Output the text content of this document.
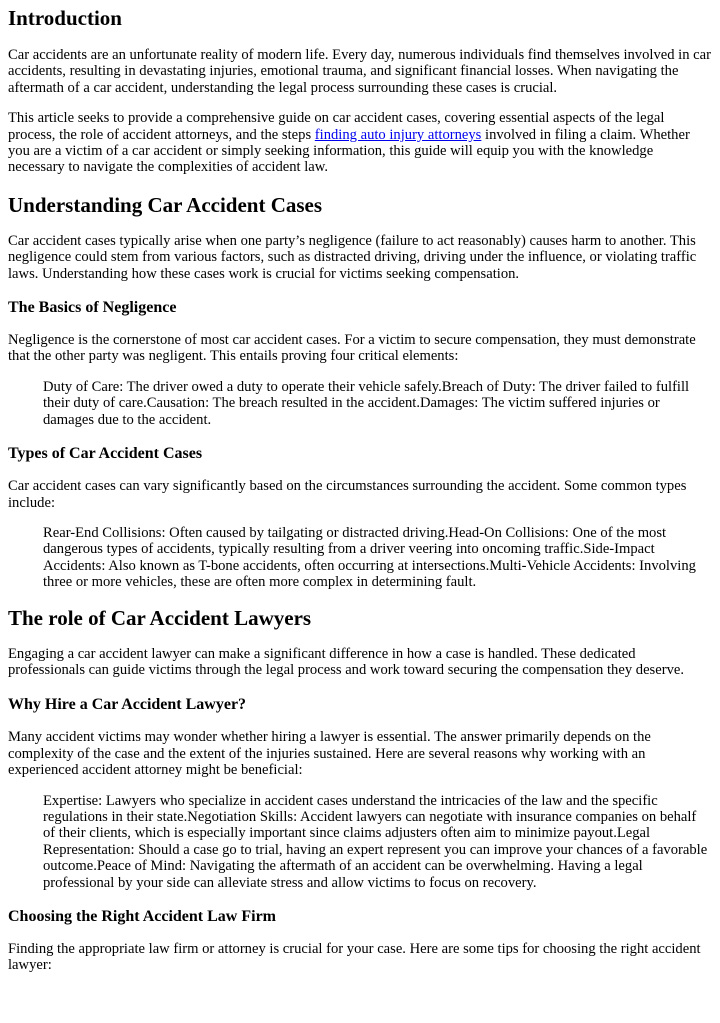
Introduction

Car accidents are an unfortunate reality of modern life. Every day, numerous individuals find themselves involved in car accidents, resulting in devastating injuries, emotional trauma, and significant financial losses. When navigating the aftermath of a car accident, understanding the legal process surrounding these cases is crucial.

This article seeks to provide a comprehensive guide on car accident cases, covering essential aspects of the legal process, the role of accident attorneys, and the steps finding auto injury attorneys involved in filing a claim. Whether you are a victim of a car accident or simply seeking information, this guide will equip you with the knowledge necessary to navigate the complexities of accident law.

Understanding Car Accident Cases

Car accident cases typically arise when one party’s negligence (failure to act reasonably) causes harm to another. This negligence could stem from various factors, such as distracted driving, driving under the influence, or violating traffic laws. Understanding how these cases work is crucial for victims seeking compensation.

The Basics of Negligence

Negligence is the cornerstone of most car accident cases. For a victim to secure compensation, they must demonstrate that the other party was negligent. This entails proving four critical elements:

Duty of Care: The driver owed a duty to operate their vehicle safely.Breach of Duty: The driver failed to fulfill their duty of care.Causation: The breach resulted in the accident.Damages: The victim suffered injuries or damages due to the accident.
Types of Car Accident Cases

Car accident cases can vary significantly based on the circumstances surrounding the accident. Some common types include:

Rear-End Collisions: Often caused by tailgating or distracted driving.Head-On Collisions: One of the most dangerous types of accidents, typically resulting from a driver veering into oncoming traffic.Side-Impact Accidents: Also known as T-bone accidents, often occurring at intersections.Multi-Vehicle Accidents: Involving three or more vehicles, these are often more complex in determining fault.
The role of Car Accident Lawyers

Engaging a car accident lawyer can make a significant difference in how a case is handled. These dedicated professionals can guide victims through the legal process and work toward securing the compensation they deserve.

Why Hire a Car Accident Lawyer?

Many accident victims may wonder whether hiring a lawyer is essential. The answer primarily depends on the complexity of the case and the extent of the injuries sustained. Here are several reasons why working with an experienced accident attorney might be beneficial:

Expertise: Lawyers who specialize in accident cases understand the intricacies of the law and the specific regulations in their state.Negotiation Skills: Accident lawyers can negotiate with insurance companies on behalf of their clients, which is especially important since claims adjusters often aim to minimize payout.Legal Representation: Should a case go to trial, having an expert represent you can improve your chances of a favorable outcome.Peace of Mind: Navigating the aftermath of an accident can be overwhelming. Having a legal professional by your side can alleviate stress and allow victims to focus on recovery.
Choosing the Right Accident Law Firm

Finding the appropriate law firm or attorney is crucial for your case. Here are some tips for choosing the right accident lawyer:
